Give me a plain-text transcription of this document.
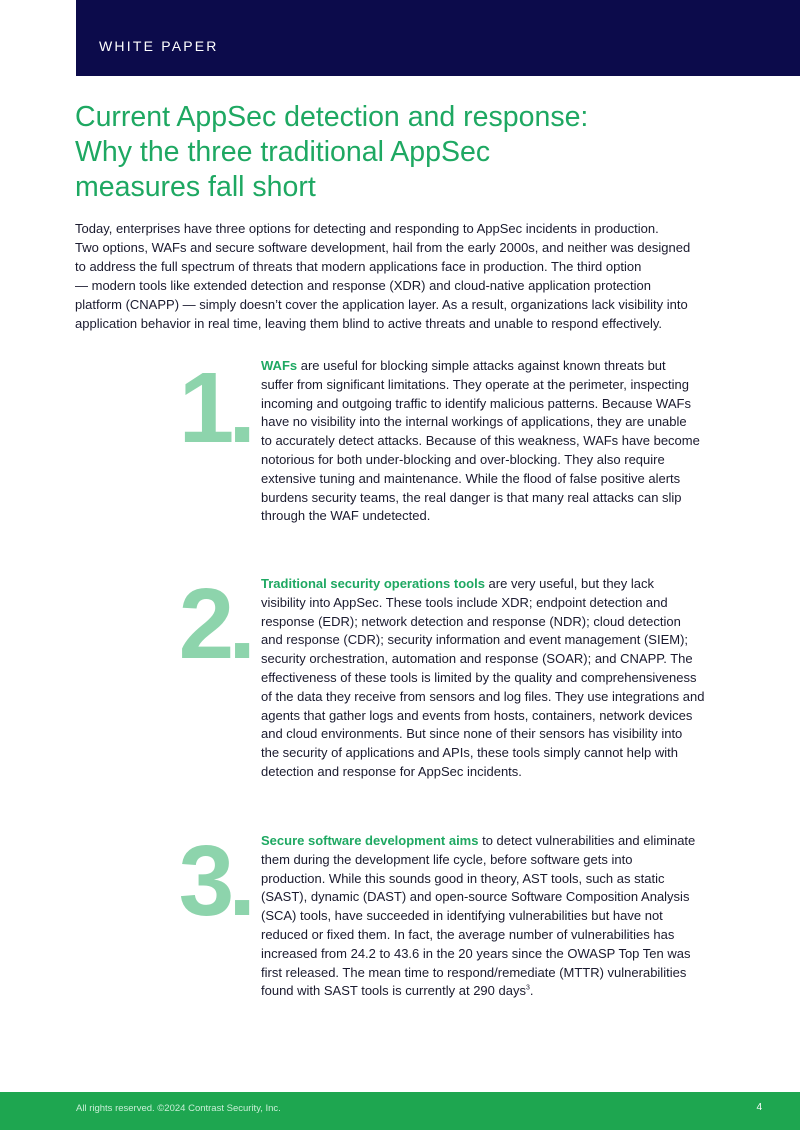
WHITE PAPER
Current AppSec detection and response:
Why the three traditional AppSec
measures fall short

Today, enterprises have three options for detecting and responding to AppSec incidents in production.
Two options, WAFs and secure software development, hail from the early 2000s, and neither was designed
to address the full spectrum of threats that modern applications face in production. The third option
— modern tools like extended detection and response (XDR) and cloud-native application protection
platform (CNAPP) — simply doesn’t cover the application layer. As a result, organizations lack visibility into
application behavior in real time, leaving them blind to active threats and unable to respond effectively.

1. WAFs are useful for blocking simple attacks against known threats but
suffer from significant limitations. They operate at the perimeter, inspecting
incoming and outgoing traffic to identify malicious patterns. Because WAFs
have no visibility into the internal workings of applications, they are unable
to accurately detect attacks. Because of this weakness, WAFs have become
notorious for both under-blocking and over-blocking. They also require
extensive tuning and maintenance. While the flood of false positive alerts
burdens security teams, the real danger is that many real attacks can slip
through the WAF undetected.

2. Traditional security operations tools are very useful, but they lack
visibility into AppSec. These tools include XDR; endpoint detection and
response (EDR); network detection and response (NDR); cloud detection
and response (CDR); security information and event management (SIEM);
security orchestration, automation and response (SOAR); and CNAPP. The
effectiveness of these tools is limited by the quality and comprehensiveness
of the data they receive from sensors and log files. They use integrations and
agents that gather logs and events from hosts, containers, network devices
and cloud environments. But since none of their sensors has visibility into
the security of applications and APIs, these tools simply cannot help with
detection and response for AppSec incidents.

3. Secure software development aims to detect vulnerabilities and eliminate
them during the development life cycle, before software gets into
production. While this sounds good in theory, AST tools, such as static
(SAST), dynamic (DAST) and open-source Software Composition Analysis
(SCA) tools, have succeeded in identifying vulnerabilities but have not
reduced or fixed them. In fact, the average number of vulnerabilities has
increased from 24.2 to 43.6 in the 20 years since the OWASP Top Ten was
first released. The mean time to respond/remediate (MTTR) vulnerabilities
found with SAST tools is currently at 290 days$^3$.

All rights reserved. ©2024 Contrast Security, Inc.	4
